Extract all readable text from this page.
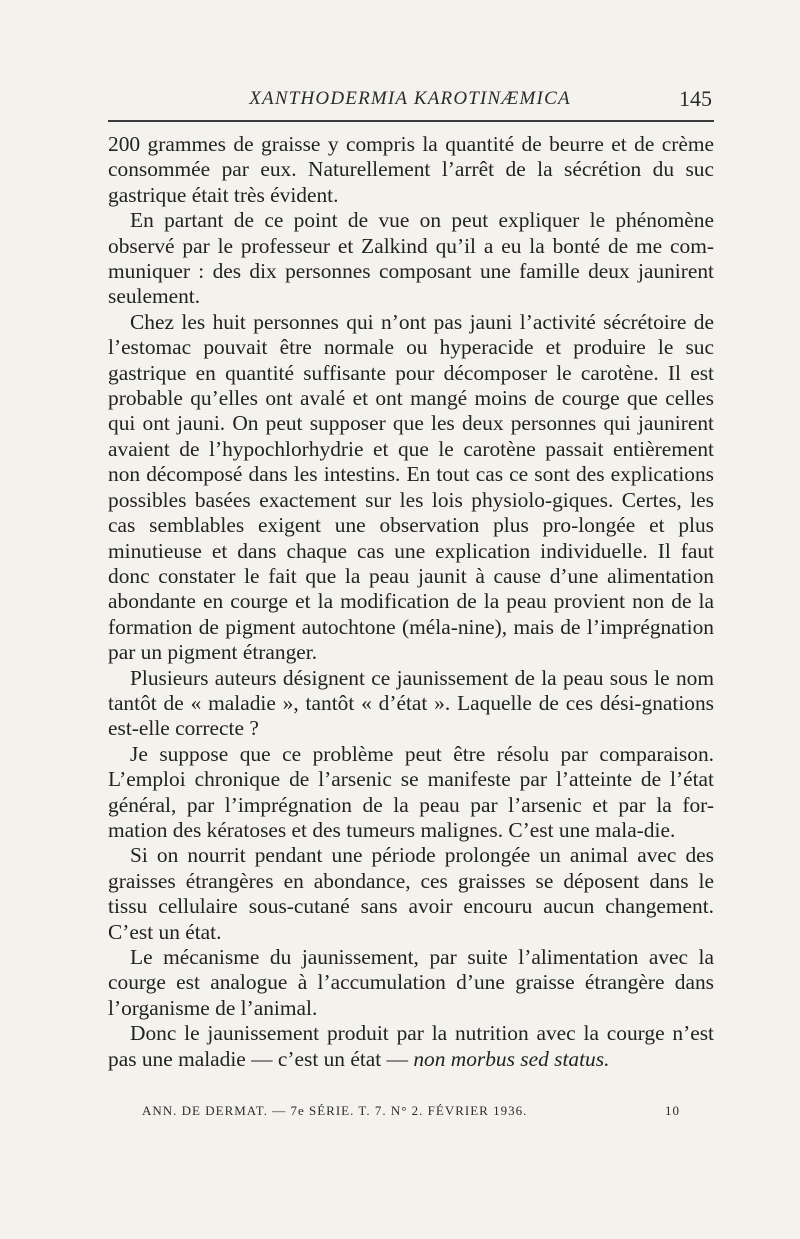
XANTHODERMIA KAROTINÆMICA	145

200 grammes de graisse y compris la quantité de beurre et de crème consommée par eux. Naturellement l’arrêt de la sécrétion du suc gastrique était très évident.

En partant de ce point de vue on peut expliquer le phénomène observé par le professeur et Zalkind qu’il a eu la bonté de me com-muniquer : des dix personnes composant une famille deux jaunirent seulement.

Chez les huit personnes qui n’ont pas jauni l’activité sécrétoire de l’estomac pouvait être normale ou hyperacide et produire le suc gastrique en quantité suffisante pour décomposer le carotène. Il est probable qu’elles ont avalé et ont mangé moins de courge que celles qui ont jauni. On peut supposer que les deux personnes qui jaunirent avaient de l’hypochlorhydrie et que le carotène passait entièrement non décomposé dans les intestins. En tout cas ce sont des explications possibles basées exactement sur les lois physiolo-giques. Certes, les cas semblables exigent une observation plus pro-longée et plus minutieuse et dans chaque cas une explication individuelle. Il faut donc constater le fait que la peau jaunit à cause d’une alimentation abondante en courge et la modification de la peau provient non de la formation de pigment autochtone (méla-nine), mais de l’imprégnation par un pigment étranger.

Plusieurs auteurs désignent ce jaunissement de la peau sous le nom tantôt de « maladie », tantôt « d’état ». Laquelle de ces dési-gnations est-elle correcte ?

Je suppose que ce problème peut être résolu par comparaison. L’emploi chronique de l’arsenic se manifeste par l’atteinte de l’état général, par l’imprégnation de la peau par l’arsenic et par la for-mation des kératoses et des tumeurs malignes. C’est une mala-die.

Si on nourrit pendant une période prolongée un animal avec des graisses étrangères en abondance, ces graisses se déposent dans le tissu cellulaire sous-cutané sans avoir encouru aucun changement. C’est un état.

Le mécanisme du jaunissement, par suite l’alimentation avec la courge est analogue à l’accumulation d’une graisse étrangère dans l’organisme de l’animal.

Donc le jaunissement produit par la nutrition avec la courge n’est pas une maladie — c’est un état — non morbus sed status.

ANN. DE DERMAT. — 7e SÉRIE. T. 7. N° 2. FÉVRIER 1936.	10
